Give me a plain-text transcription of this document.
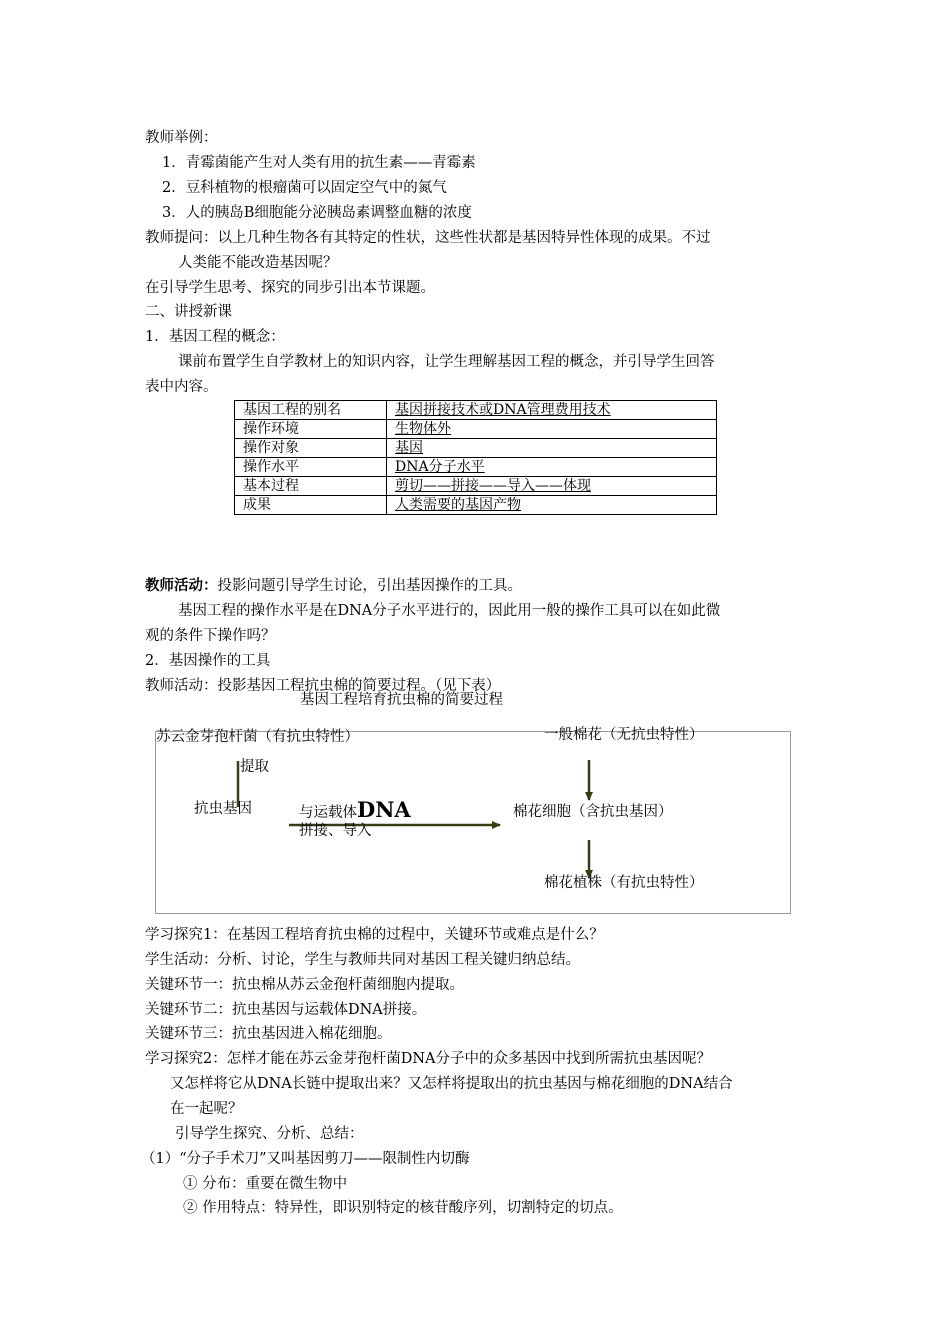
教师举例：
1．青霉菌能产生对人类有用的抗生素——青霉素
2．豆科植物的根瘤菌可以固定空气中的氮气
3．人的胰岛B细胞能分泌胰岛素调整血糖的浓度
教师提问：以上几种生物各有其特定的性状，这些性状都是基因特异性体现的成果。不过
人类能不能改造基因呢？
在引导学生思考、探究的同步引出本节课题。
二、讲授新课
1．基因工程的概念：
课前布置学生自学教材上的知识内容，让学生理解基因工程的概念，并引导学生回答
表中内容。
基因工程的别名	基因拼接技术或DNA管理费用技术
操作环境	生物体外
操作对象	基因
操作水平	DNA分子水平
基本过程	剪切——拼接——导入——体现
成果	人类需要的基因产物
教师活动：投影问题引导学生讨论，引出基因操作的工具。
基因工程的操作水平是在DNA分子水平进行的，因此用一般的操作工具可以在如此微
观的条件下操作吗？
2．基因操作的工具
教师活动：投影基因工程抗虫棉的简要过程。（见下表）
基因工程培育抗虫棉的简要过程
苏云金芽孢杆菌（有抗虫特性）
提取
抗虫基因	与运载体DNA
拼接、导入
一般棉花（无抗虫特性）
棉花细胞（含抗虫基因）
棉花植株（有抗虫特性）
学习探究1：在基因工程培育抗虫棉的过程中，关键环节或难点是什么？
学生活动：分析、讨论，学生与教师共同对基因工程关键归纳总结。
关键环节一：抗虫棉从苏云金孢杆菌细胞内提取。
关键环节二：抗虫基因与运载体DNA拼接。
关键环节三：抗虫基因进入棉花细胞。
学习探究2：怎样才能在苏云金芽孢杆菌DNA分子中的众多基因中找到所需抗虫基因呢？
又怎样将它从DNA长链中提取出来？又怎样将提取出的抗虫基因与棉花细胞的DNA结合
在一起呢？
引导学生探究、分析、总结：
（1）“分子手术刀”又叫基因剪刀——限制性内切酶
① 分布：重要在微生物中
② 作用特点：特异性，即识别特定的核苷酸序列，切割特定的切点。
